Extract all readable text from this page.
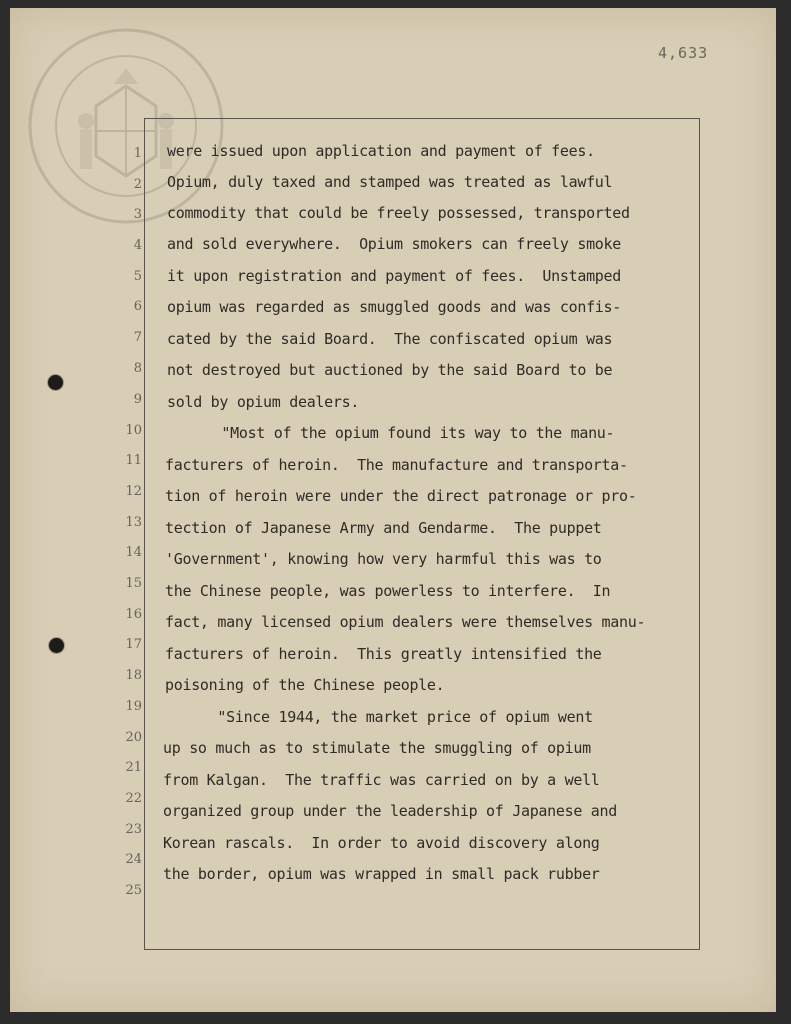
4,633
1
2
3
4
5
6
7
8
9
10
11
12
13
14
15
16
17
18
19
20
21
22
23
24
25
were issued upon application and payment of fees.
Opium, duly taxed and stamped was treated as lawful
commodity that could be freely possessed, transported
and sold everywhere.  Opium smokers can freely smoke
it upon registration and payment of fees.  Unstamped
opium was regarded as smuggled goods and was confis-
cated by the said Board.  The confiscated opium was
not destroyed but auctioned by the said Board to be
sold by opium dealers.
"Most of the opium found its way to the manu-
facturers of heroin.  The manufacture and transporta-
tion of heroin were under the direct patronage or pro-
tection of Japanese Army and Gendarme.  The puppet
'Government', knowing how very harmful this was to
the Chinese people, was powerless to interfere.  In
fact, many licensed opium dealers were themselves manu-
facturers of heroin.  This greatly intensified the
poisoning of the Chinese people.
"Since 1944, the market price of opium went
up so much as to stimulate the smuggling of opium
from Kalgan.  The traffic was carried on by a well
organized group under the leadership of Japanese and
Korean rascals.  In order to avoid discovery along
the border, opium was wrapped in small pack rubber
